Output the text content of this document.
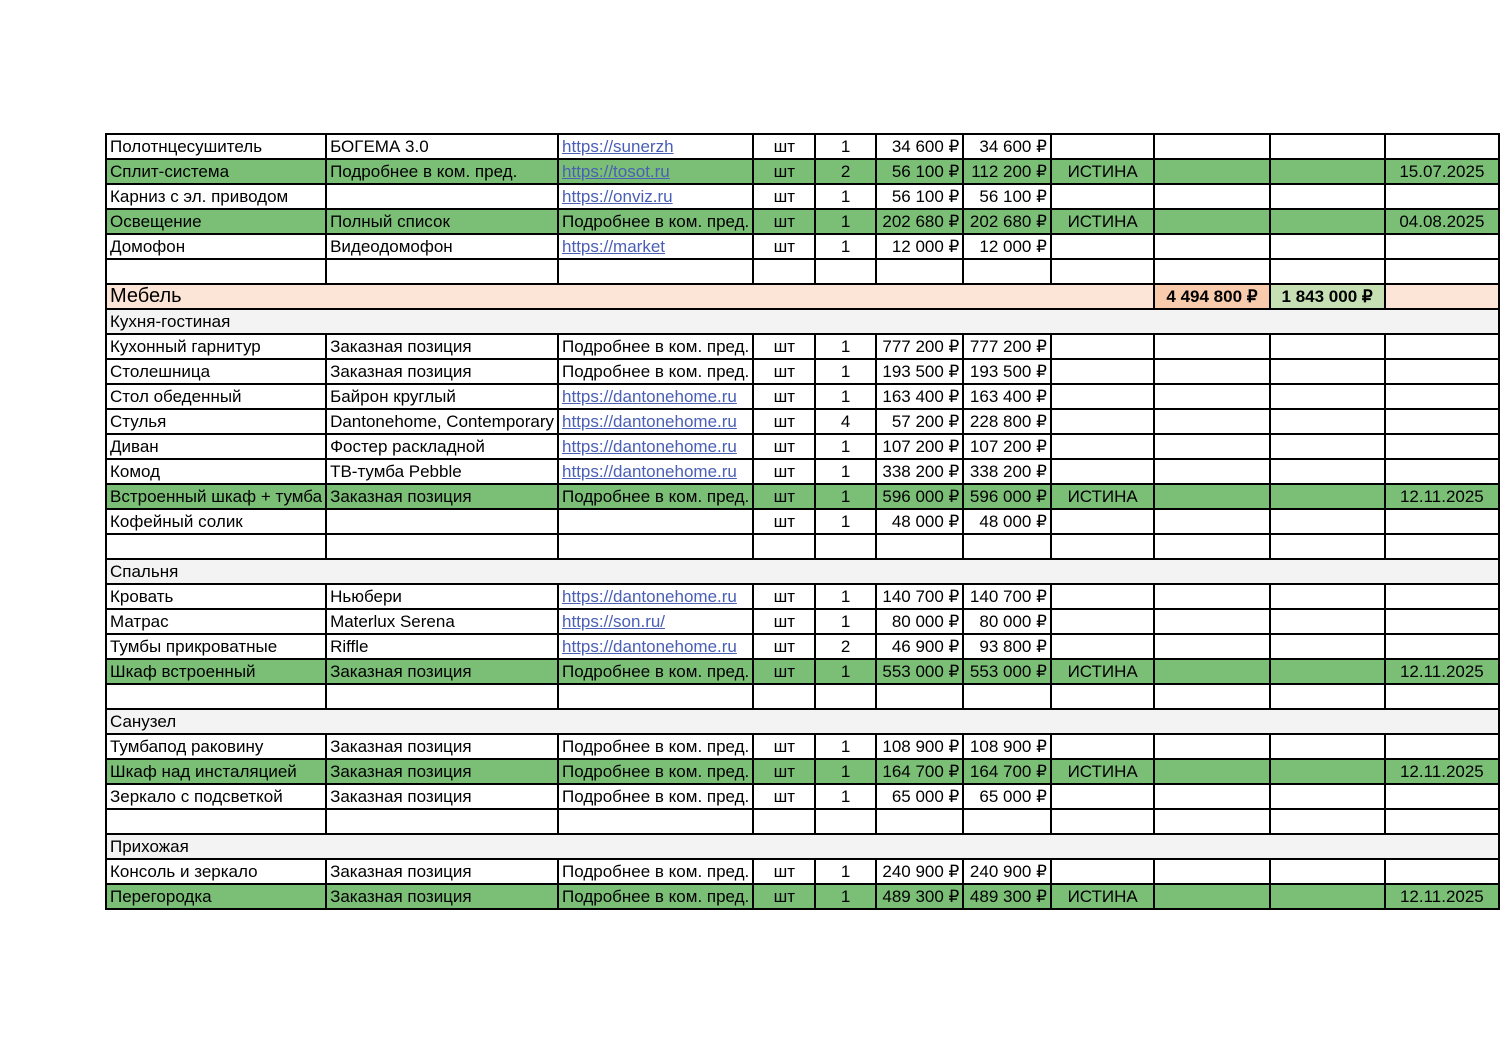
Полотнцесушитель	БОГЕМА 3.0	https://sunerzh	шт	1	34 600 ₽	34 600 ₽				
Сплит-система	Подробнее в ком. пред.	https://tosot.ru	шт	2	56 100 ₽	112 200 ₽	ИСТИНА			15.07.2025
Карниз с эл. приводом		https://onviz.ru	шт	1	56 100 ₽	56 100 ₽				
Освещение	Полный список	Подробнее в ком. пред.	шт	1	202 680 ₽	202 680 ₽	ИСТИНА			04.08.2025
Домофон	Видеодомофон	https://market	шт	1	12 000 ₽	12 000 ₽				

Мебель								4 494 800 ₽	1 843 000 ₽	
Кухня-гостиная										
Кухонный гарнитур	Заказная позиция	Подробнее в ком. пред.	шт	1	777 200 ₽	777 200 ₽				
Столешница	Заказная позиция	Подробнее в ком. пред.	шт	1	193 500 ₽	193 500 ₽				
Стол обеденный	Байрон круглый	https://dantonehome.ru	шт	1	163 400 ₽	163 400 ₽				
Стулья	Dantonehome, Contemporary	https://dantonehome.ru	шт	4	57 200 ₽	228 800 ₽				
Диван	Фостер раскладной	https://dantonehome.ru	шт	1	107 200 ₽	107 200 ₽				
Комод	ТВ-тумба Pebble	https://dantonehome.ru	шт	1	338 200 ₽	338 200 ₽				
Встроенный шкаф + тумба	Заказная позиция	Подробнее в ком. пред.	шт	1	596 000 ₽	596 000 ₽	ИСТИНА			12.11.2025
Кофейный солик			шт	1	48 000 ₽	48 000 ₽				

Спальня										
Кровать	Ньюбери	https://dantonehome.ru	шт	1	140 700 ₽	140 700 ₽				
Матрас	Materlux Serena	https://son.ru/	шт	1	80 000 ₽	80 000 ₽				
Тумбы прикроватные	Riffle	https://dantonehome.ru	шт	2	46 900 ₽	93 800 ₽				
Шкаф встроенный	Заказная позиция	Подробнее в ком. пред.	шт	1	553 000 ₽	553 000 ₽	ИСТИНА			12.11.2025

Санузел										
Тумбапод раковину	Заказная позиция	Подробнее в ком. пред.	шт	1	108 900 ₽	108 900 ₽				
Шкаф над инсталяцией	Заказная позиция	Подробнее в ком. пред.	шт	1	164 700 ₽	164 700 ₽	ИСТИНА			12.11.2025
Зеркало с подсветкой	Заказная позиция	Подробнее в ком. пред.	шт	1	65 000 ₽	65 000 ₽				

Прихожая										
Консоль и зеркало	Заказная позиция	Подробнее в ком. пред.	шт	1	240 900 ₽	240 900 ₽				
Перегородка	Заказная позиция	Подробнее в ком. пред.	шт	1	489 300 ₽	489 300 ₽	ИСТИНА			12.11.2025
